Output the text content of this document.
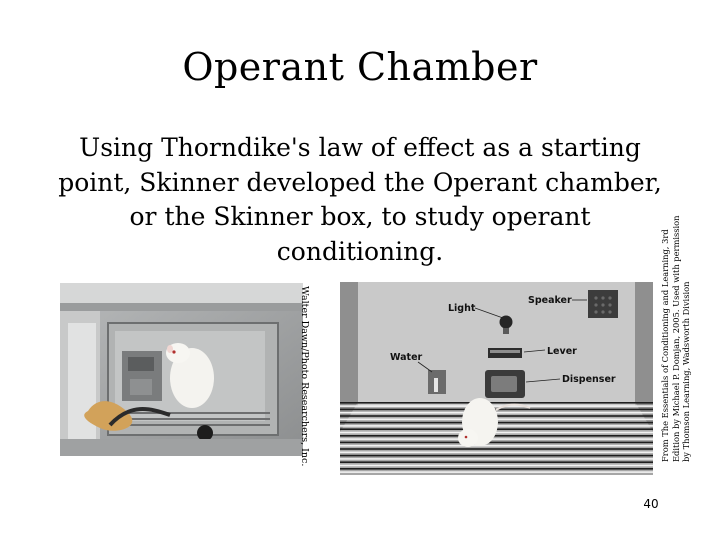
Operant Chamber
Using Thorndike's law of effect as a starting point, Skinner developed the Operant chamber, or the Skinner box, to study operant conditioning.
Walter Dawn/Photo Researchers, Inc.	Light
Speaker
Lever
Water
Dispenser	From The Essentials of Conditioning and Learning, 3rd Edition by Michael P. Domjan, 2005. Used with permission by Thomson Learning, Wadsworth Division
40
